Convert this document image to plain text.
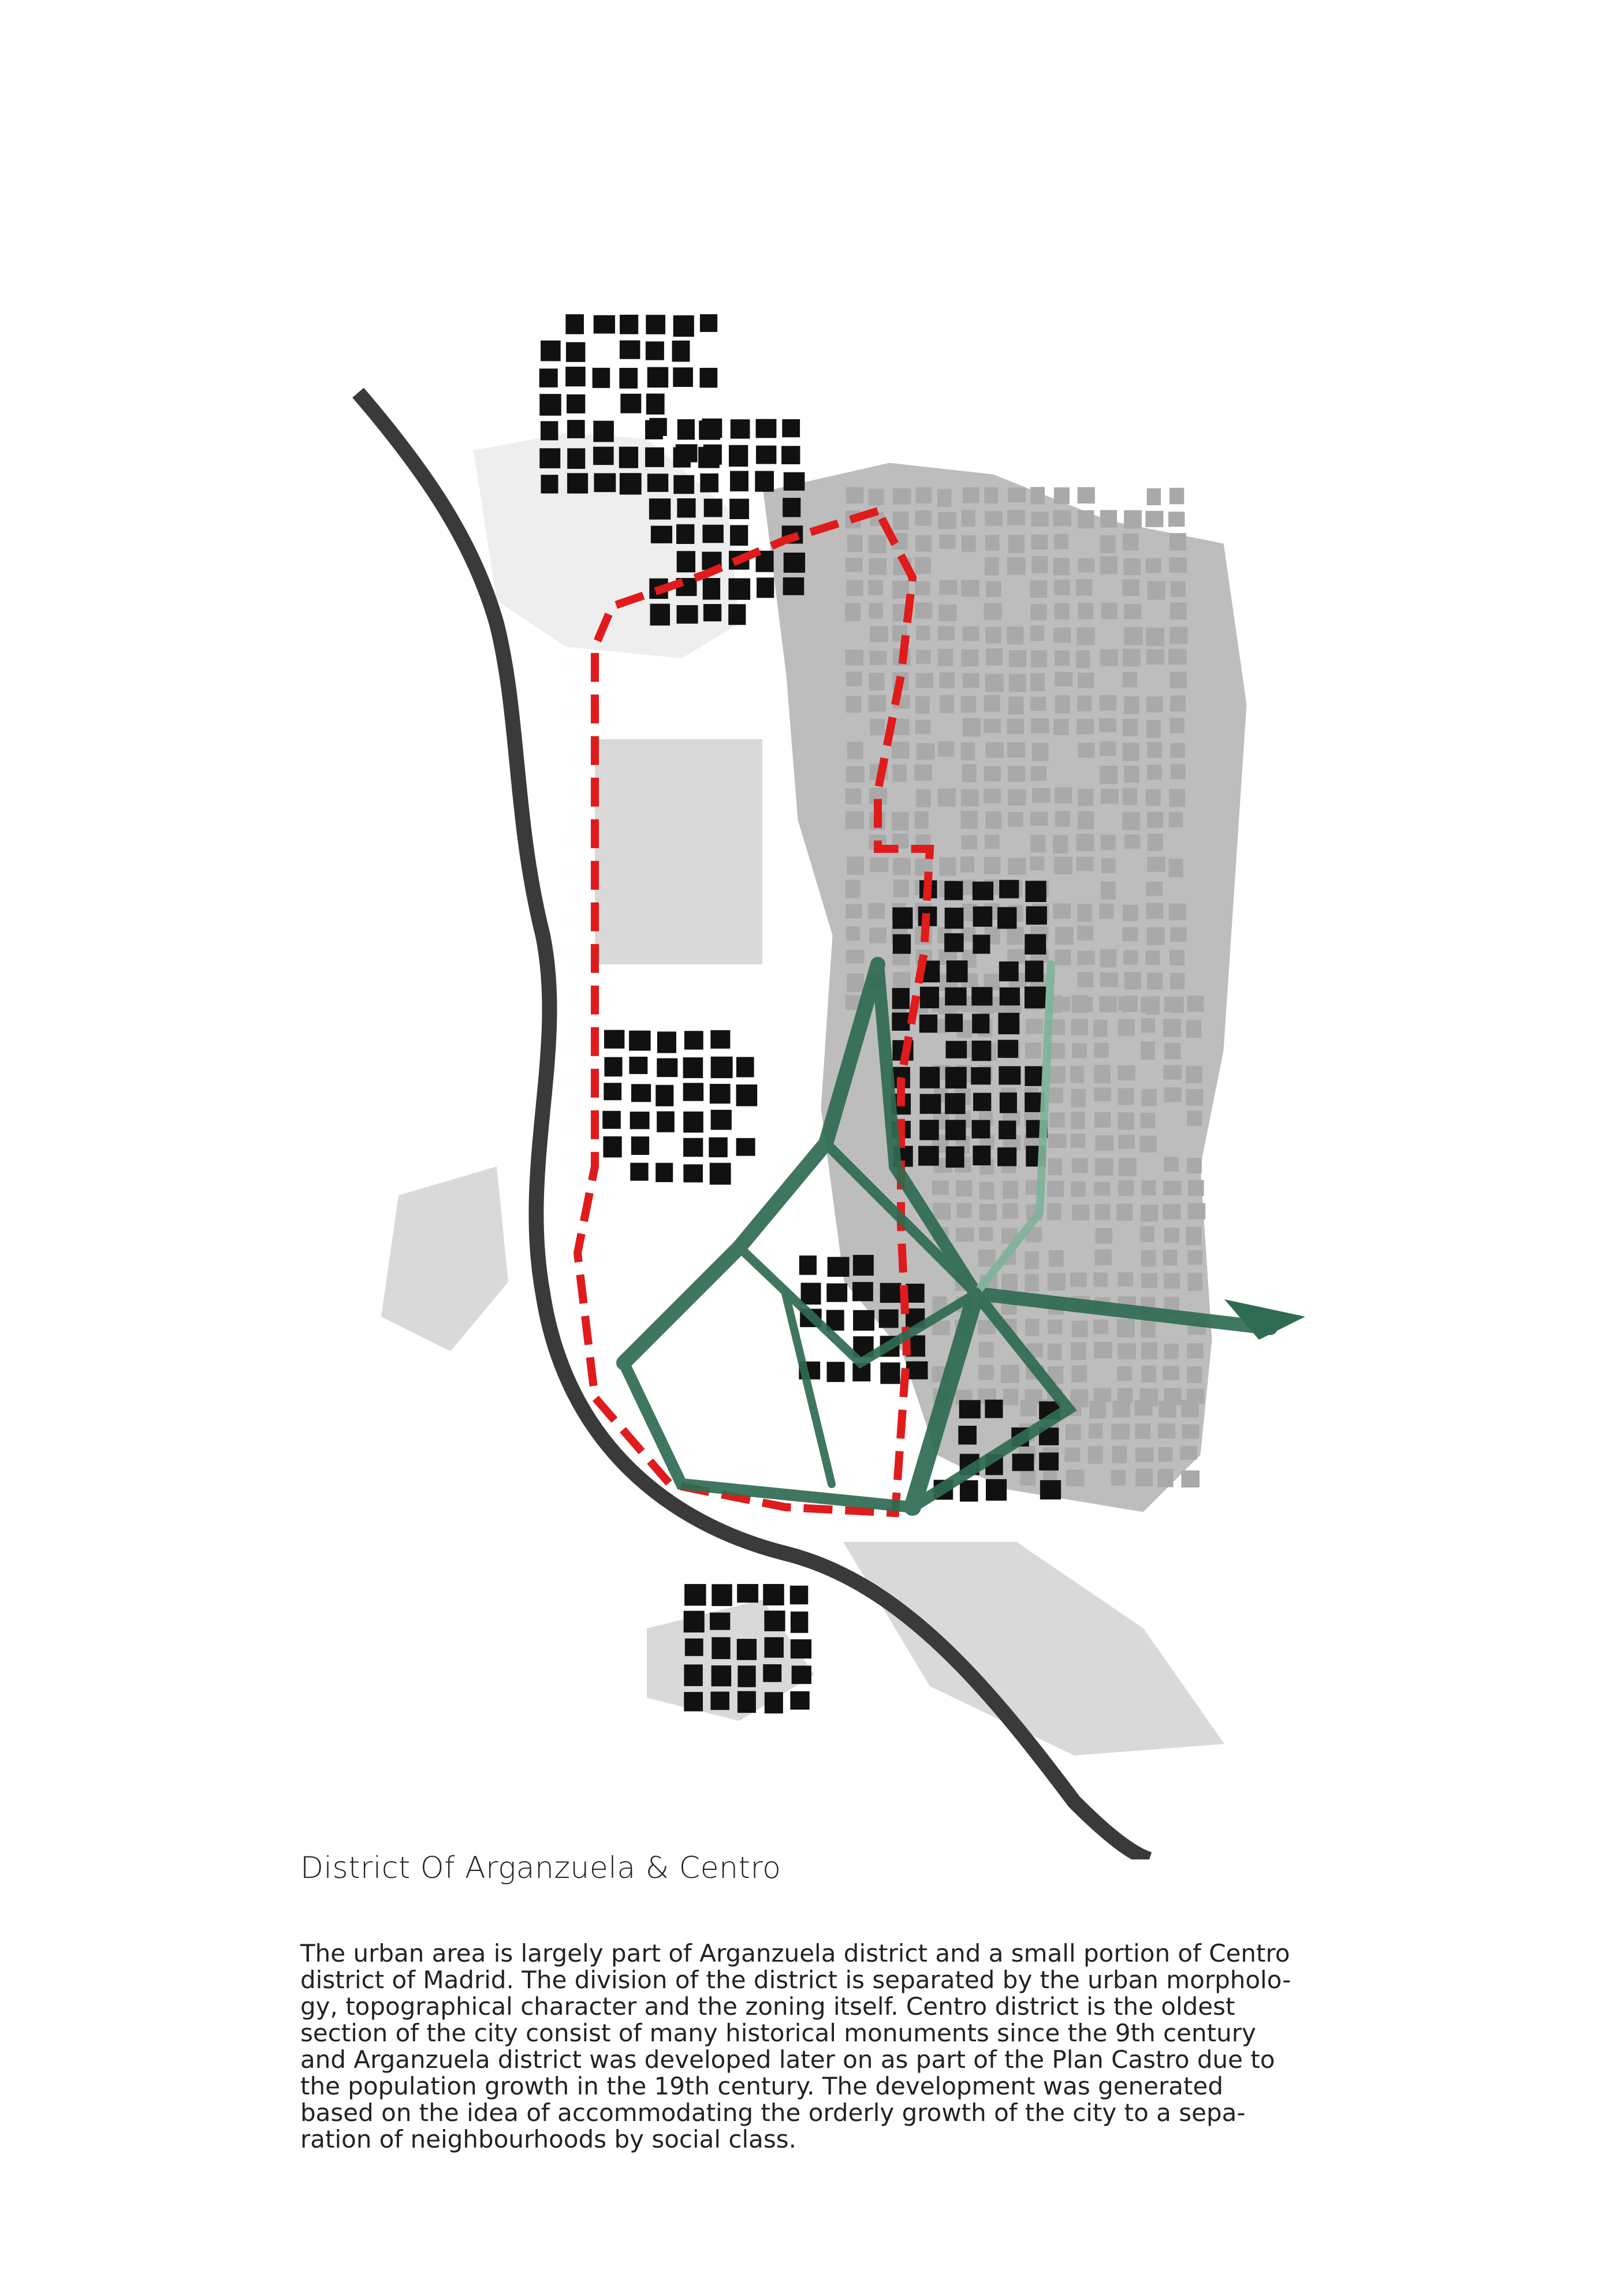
District Of Arganzuela & Centro

The urban area is largely part of Arganzuela district and a small portion of Centro
district of Madrid. The division of the district is separated by the urban morpholo-
gy, topographical character and the zoning itself. Centro district is the oldest
section of the city consist of many historical monuments since the 9th century
and Arganzuela district was developed later on as part of the Plan Castro due to
the population growth in the 19th century. The development was generated
based on the idea of accommodating the orderly growth of the city to a sepa-
ration of neighbourhoods by social class.
